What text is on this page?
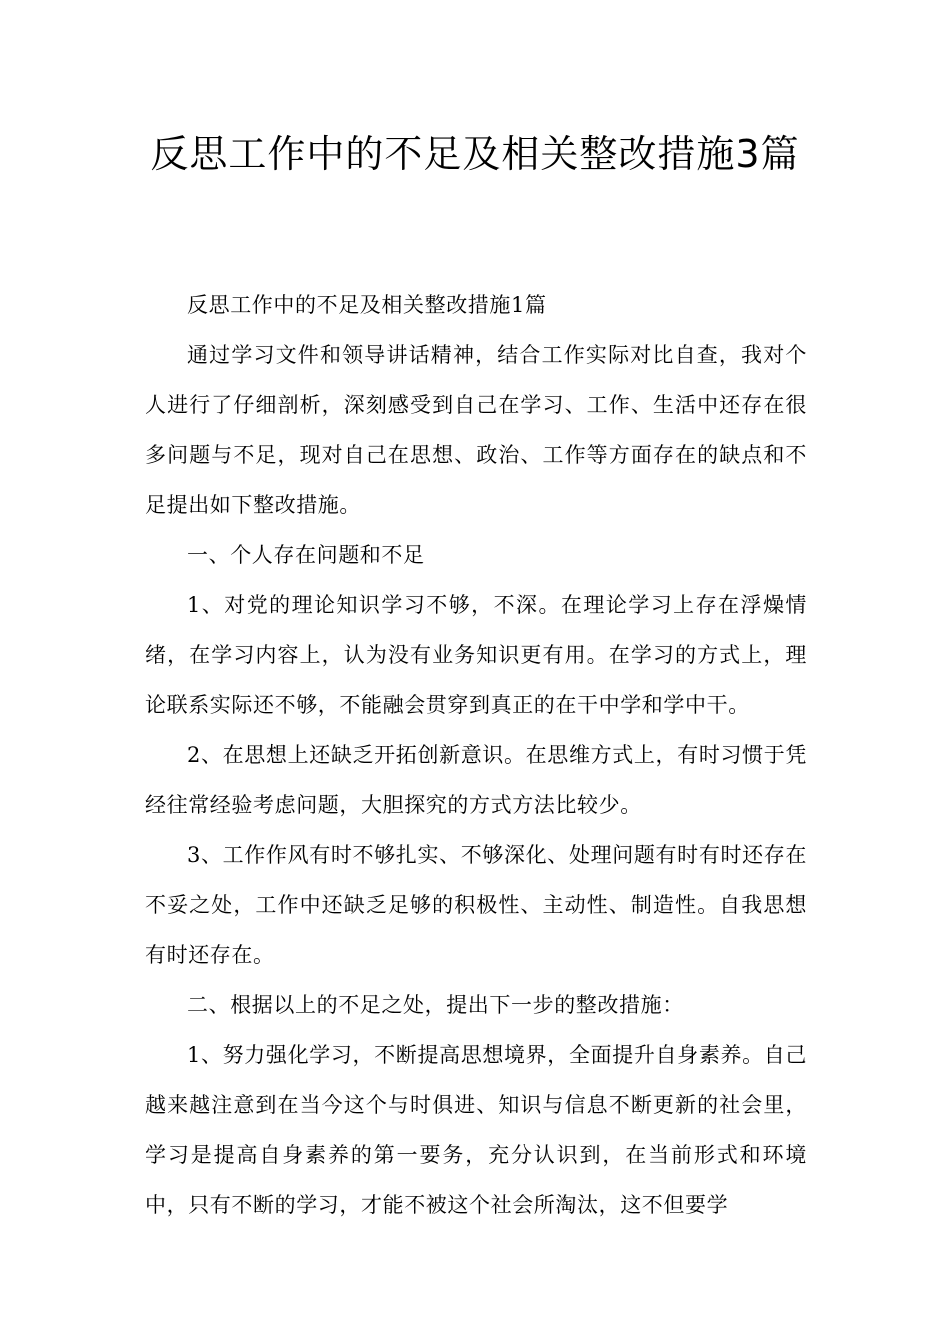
反思工作中的不足及相关整改措施3篇

反思工作中的不足及相关整改措施1篇

通过学习文件和领导讲话精神，结合工作实际对比自查，我对个人进行了仔细剖析，深刻感受到自己在学习、工作、生活中还存在很多问题与不足，现对自己在思想、政治、工作等方面存在的缺点和不足提出如下整改措施。

一、个人存在问题和不足

1、对党的理论知识学习不够，不深。在理论学习上存在浮燥情绪，在学习内容上，认为没有业务知识更有用。在学习的方式上，理论联系实际还不够，不能融会贯穿到真正的在干中学和学中干。

2、在思想上还缺乏开拓创新意识。在思维方式上，有时习惯于凭经往常经验考虑问题，大胆探究的方式方法比较少。

3、工作作风有时不够扎实、不够深化、处理问题有时有时还存在不妥之处，工作中还缺乏足够的积极性、主动性、制造性。自我思想有时还存在。

二、根据以上的不足之处，提出下一步的整改措施：

1、努力强化学习，不断提高思想境界，全面提升自身素养。自己越来越注意到在当今这个与时俱进、知识与信息不断更新的社会里，学习是提高自身素养的第一要务，充分认识到，在当前形式和环境中，只有不断的学习，才能不被这个社会所淘汰，这不但要学
